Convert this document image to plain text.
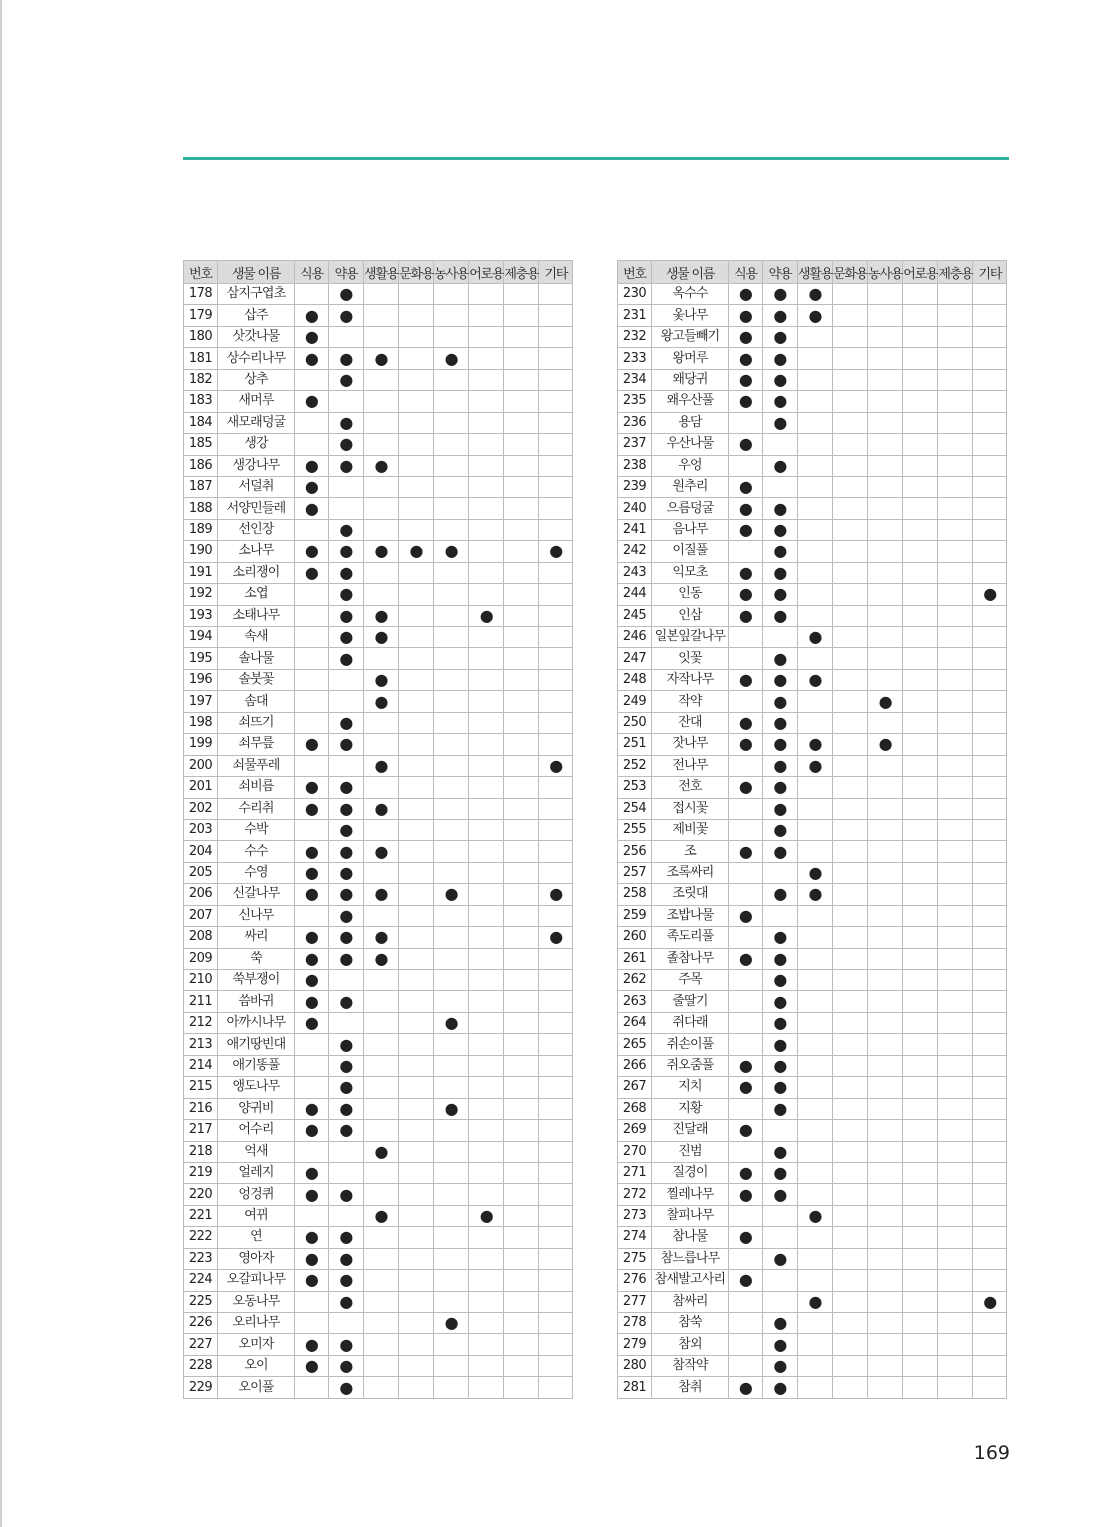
번호	생물 이름	식용	약용	생활용	문화용	농사용	어로용	제충용	기타
178	삼지구엽초		●						
179	삽주	●	●						
180	삿갓나물	●							
181	상수리나무	●	●	●		●			
182	상추		●						
183	새머루	●							
184	새모래덩굴		●						
185	생강		●						
186	생강나무	●	●	●					
187	서덜취	●							
188	서양민들레	●							
189	선인장		●						
190	소나무	●	●	●	●	●			●
191	소리쟁이	●	●						
192	소엽		●						
193	소태나무		●	●			●		
194	속새		●	●					
195	솔나물		●						
196	솔붓꽃			●					
197	솜대			●					
198	쇠뜨기		●						
199	쇠무릎	●	●						
200	쇠물푸레			●					●
201	쇠비름	●	●						
202	수리취	●	●	●					
203	수박		●						
204	수수	●	●	●					
205	수영	●	●						
206	신갈나무	●	●	●		●			●
207	신나무		●						
208	싸리	●	●	●					●
209	쑥	●	●	●					
210	쑥부쟁이	●							
211	씀바귀	●	●						
212	아까시나무	●				●			
213	애기땅빈대		●						
214	애기똥풀		●						
215	앵도나무		●						
216	양귀비	●	●			●			
217	어수리	●	●						
218	억새			●					
219	얼레지	●							
220	엉겅퀴	●	●						
221	여뀌			●			●		
222	연	●	●						
223	영아자	●	●						
224	오갈피나무	●	●						
225	오동나무		●						
226	오리나무					●			
227	오미자	●	●						
228	오이	●	●						
229	오이풀		●						
번호	생물 이름	식용	약용	생활용	문화용	농사용	어로용	제충용	기타
230	옥수수	●	●	●					
231	옻나무	●	●	●					
232	왕고들빼기	●	●						
233	왕머루	●	●						
234	왜당귀	●	●						
235	왜우산풀	●	●						
236	용담		●						
237	우산나물	●							
238	우엉		●						
239	원추리	●							
240	으름덩굴	●	●						
241	음나무	●	●						
242	이질풀		●						
243	익모초	●	●						
244	인동	●	●						●
245	인삼	●	●						
246	일본잎갈나무			●					
247	잇꽃		●						
248	자작나무	●	●	●					
249	작약		●			●			
250	잔대	●	●						
251	잣나무	●	●	●		●			
252	전나무		●	●					
253	전호	●	●						
254	접시꽃		●						
255	제비꽃		●						
256	조	●	●						
257	조록싸리			●					
258	조릿대		●	●					
259	조밥나물	●							
260	족도리풀		●						
261	졸참나무	●	●						
262	주목		●						
263	줄딸기		●						
264	쥐다래		●						
265	쥐손이풀		●						
266	쥐오줌풀	●	●						
267	지치	●	●						
268	지황		●						
269	진달래	●							
270	진범		●						
271	질경이	●	●						
272	찔레나무	●	●						
273	찰피나무			●					
274	참나물	●							
275	참느릅나무		●						
276	참새발고사리	●							
277	참싸리			●					●
278	참쑥		●						
279	참외		●						
280	참작약		●						
281	참취	●	●						
169
